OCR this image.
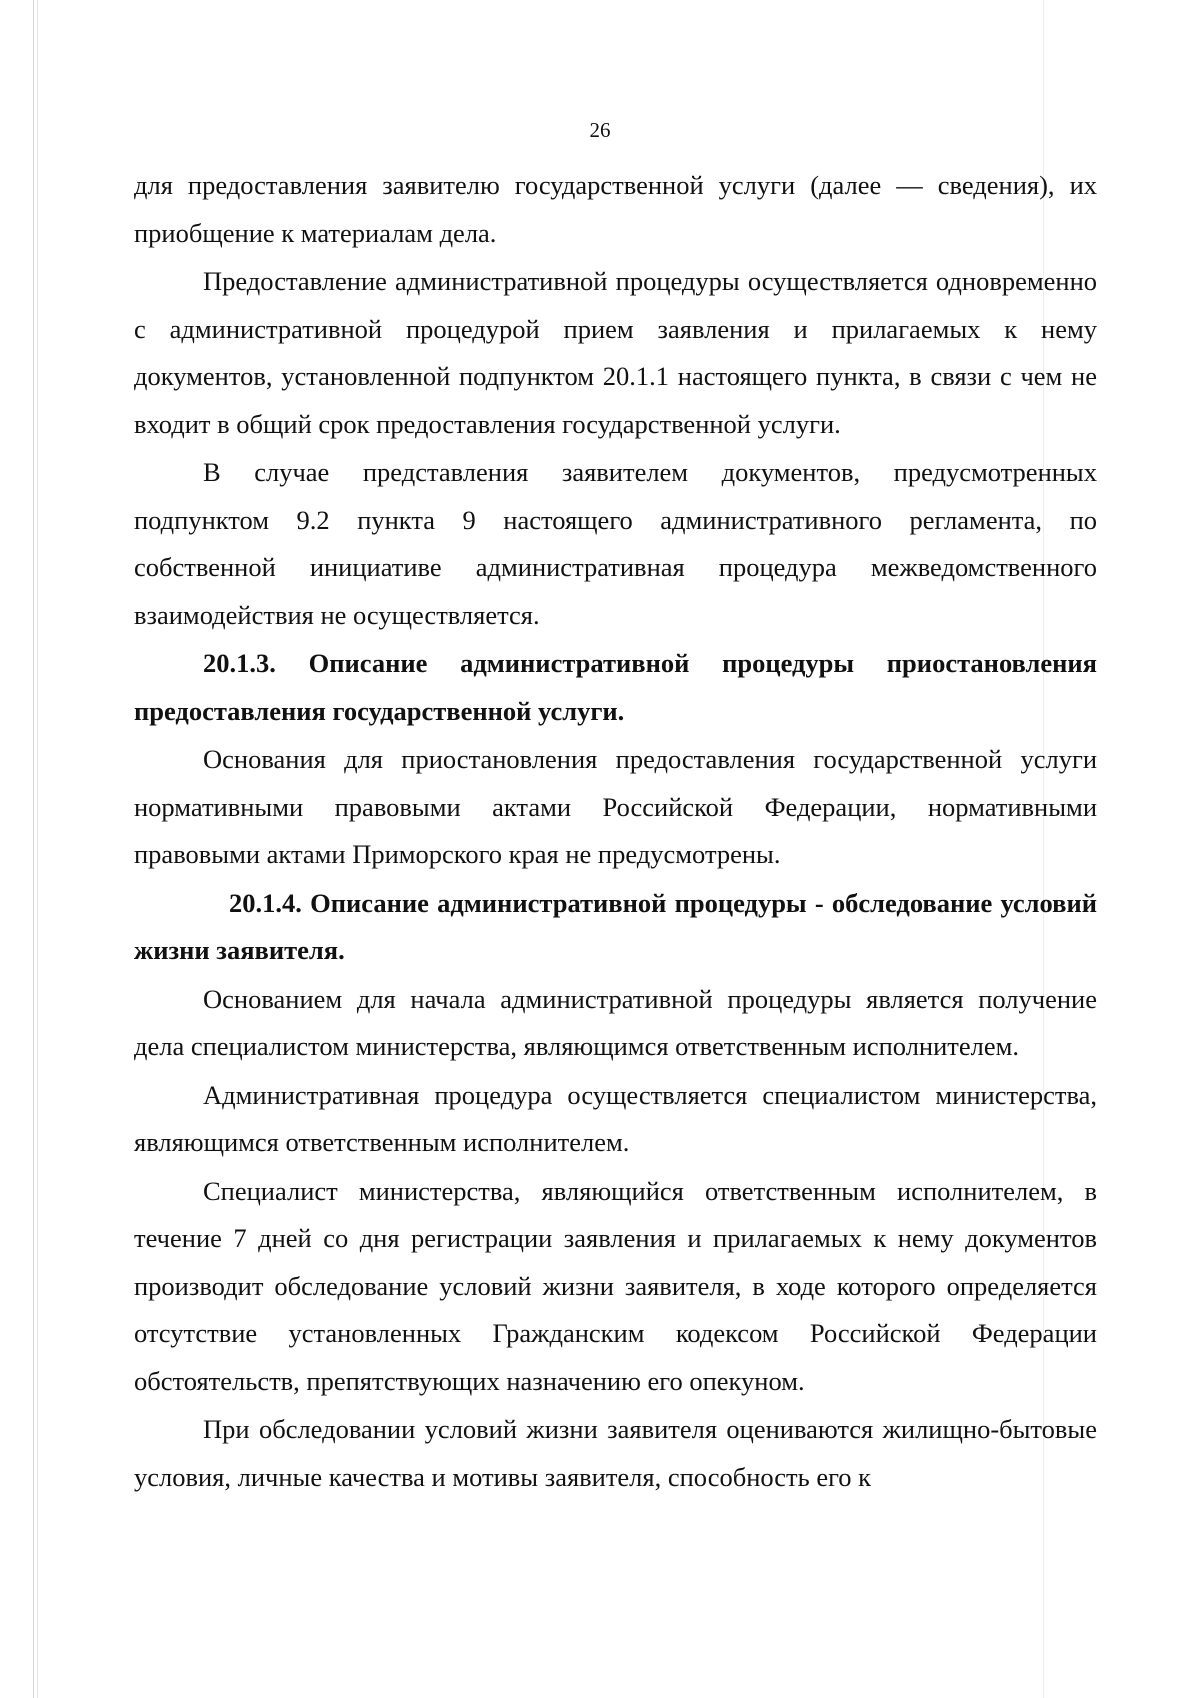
26

для предоставления заявителю государственной услуги (далее — сведения), их приобщение к материалам дела.

Предоставление административной процедуры осуществляется одновременно с административной процедурой прием заявления и прилагаемых к нему документов, установленной подпунктом 20.1.1 настоящего пункта, в связи с чем не входит в общий срок предоставления государственной услуги.

В случае представления заявителем документов, предусмотренных подпунктом 9.2 пункта 9 настоящего административного регламента, по собственной инициативе административная процедура межведомственного взаимодействия не осуществляется.

20.1.3. Описание административной процедуры приостановления предоставления государственной услуги.

Основания для приостановления предоставления государственной услуги нормативными правовыми актами Российской Федерации, нормативными правовыми актами Приморского края не предусмотрены.

20.1.4. Описание административной процедуры - обследование условий жизни заявителя.

Основанием для начала административной процедуры является получение дела специалистом министерства, являющимся ответственным исполнителем.

Административная процедура осуществляется специалистом министерства, являющимся ответственным исполнителем.

Специалист министерства, являющийся ответственным исполнителем, в течение 7 дней со дня регистрации заявления и прилагаемых к нему документов производит обследование условий жизни заявителя, в ходе которого определяется отсутствие установленных Гражданским кодексом Российской Федерации обстоятельств, препятствующих назначению его опекуном.

При обследовании условий жизни заявителя оцениваются жилищно-бытовые условия, личные качества и мотивы заявителя, способность его к
